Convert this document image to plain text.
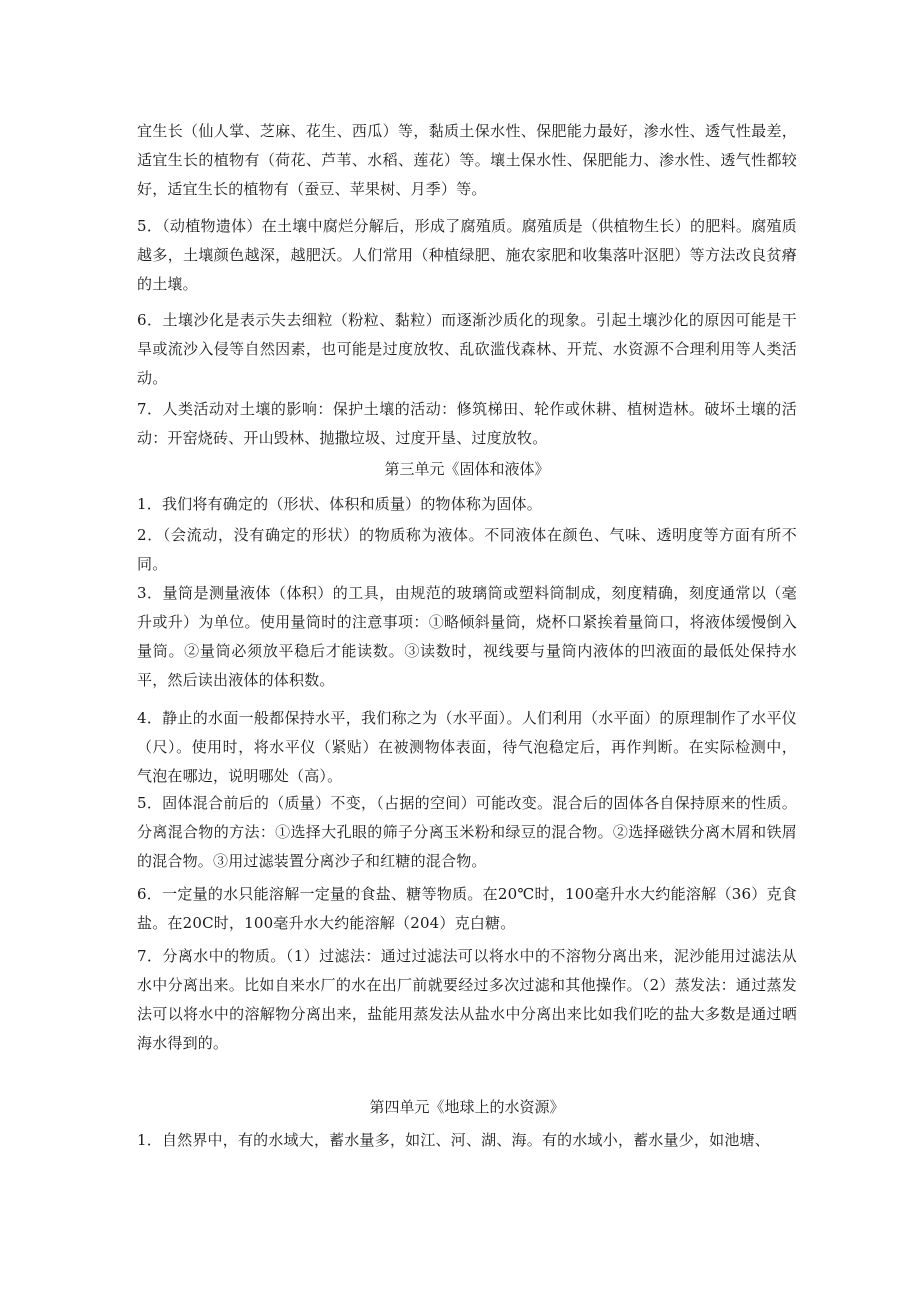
宜生长（仙人掌、芝麻、花生、西瓜）等，黏质土保水性、保肥能力最好，渗水性、透气性最差，适宜生长的植物有（荷花、芦苇、水稻、莲花）等。壤土保水性、保肥能力、渗水性、透气性都较好，适宜生长的植物有（蚕豆、苹果树、月季）等。

5．（动植物遗体）在土壤中腐烂分解后，形成了腐殖质。腐殖质是（供植物生长）的肥料。腐殖质越多，土壤颜色越深，越肥沃。人们常用（种植绿肥、施农家肥和收集落叶沤肥）等方法改良贫瘠的土壤。

6．土壤沙化是表示失去细粒（粉粒、黏粒）而逐渐沙质化的现象。引起土壤沙化的原因可能是干旱或流沙入侵等自然因素，也可能是过度放牧、乱砍滥伐森林、开荒、水资源不合理利用等人类活动。

7．人类活动对土壤的影响：保护土壤的活动：修筑梯田、轮作或休耕、植树造林。破坏土壤的活动：开窑烧砖、开山毁林、抛撒垃圾、过度开垦、过度放牧。

第三单元《固体和液体》

1．我们将有确定的（形状、体积和质量）的物体称为固体。

2．（会流动，没有确定的形状）的物质称为液体。不同液体在颜色、气味、透明度等方面有所不同。

3．量筒是测量液体（体积）的工具，由规范的玻璃筒或塑料筒制成，刻度精确，刻度通常以（毫升或升）为单位。使用量筒时的注意事项：①略倾斜量筒，烧杯口紧挨着量筒口，将液体缓慢倒入量筒。②量筒必须放平稳后才能读数。③读数时，视线要与量筒内液体的凹液面的最低处保持水平，然后读出液体的体积数。

4．静止的水面一般都保持水平，我们称之为（水平面）。人们利用（水平面）的原理制作了水平仪（尺）。使用时，将水平仪（紧贴）在被测物体表面，待气泡稳定后，再作判断。在实际检测中，气泡在哪边，说明哪处（高）。

5．固体混合前后的（质量）不变，（占据的空间）可能改变。混合后的固体各自保持原来的性质。分离混合物的方法：①选择大孔眼的筛子分离玉米粉和绿豆的混合物。②选择磁铁分离木屑和铁屑的混合物。③用过滤装置分离沙子和红糖的混合物。

6．一定量的水只能溶解一定量的食盐、糖等物质。在20℃时，100毫升水大约能溶解（36）克食盐。在20C时，100毫升水大约能溶解（204）克白糖。

7．分离水中的物质。（1）过滤法：通过过滤法可以将水中的不溶物分离出来，泥沙能用过滤法从水中分离出来。比如自来水厂的水在出厂前就要经过多次过滤和其他操作。（2）蒸发法：通过蒸发法可以将水中的溶解物分离出来，盐能用蒸发法从盐水中分离出来比如我们吃的盐大多数是通过晒海水得到的。

第四单元《地球上的水资源》

1．自然界中，有的水域大，蓄水量多，如江、河、湖、海。有的水域小，蓄水量少，如池塘、
